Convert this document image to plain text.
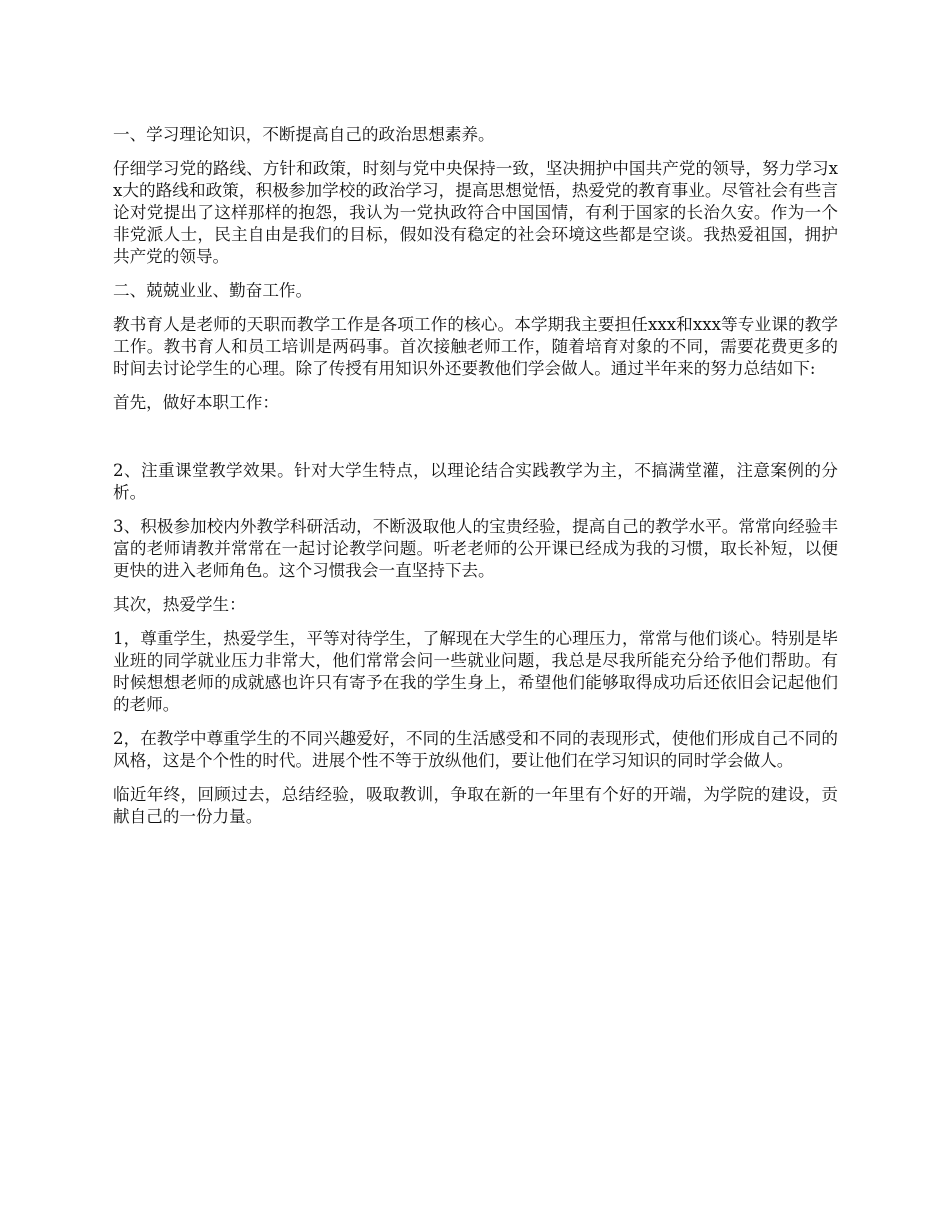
一、学习理论知识，不断提高自己的政治思想素养。

仔细学习党的路线、方针和政策，时刻与党中央保持一致，坚决拥护中国共产党的领导，努力学习xx大的路线和政策，积极参加学校的政治学习，提高思想觉悟，热爱党的教育事业。尽管社会有些言论对党提出了这样那样的抱怨，我认为一党执政符合中国国情，有利于国家的长治久安。作为一个非党派人士，民主自由是我们的目标，假如没有稳定的社会环境这些都是空谈。我热爱祖国，拥护共产党的领导。

二、兢兢业业、勤奋工作。

教书育人是老师的天职而教学工作是各项工作的核心。本学期我主要担任xxx和xxx等专业课的教学工作。教书育人和员工培训是两码事。首次接触老师工作，随着培育对象的不同，需要花费更多的时间去讨论学生的心理。除了传授有用知识外还要教他们学会做人。通过半年来的努力总结如下:

首先，做好本职工作：

2、注重课堂教学效果。针对大学生特点，以理论结合实践教学为主，不搞满堂灌，注意案例的分析。

3、积极参加校内外教学科研活动，不断汲取他人的宝贵经验，提高自己的教学水平。常常向经验丰富的老师请教并常常在一起讨论教学问题。听老老师的公开课已经成为我的习惯，取长补短，以便更快的进入老师角色。这个习惯我会一直坚持下去。

其次，热爱学生：

1，尊重学生，热爱学生，平等对待学生，了解现在大学生的心理压力，常常与他们谈心。特别是毕业班的同学就业压力非常大，他们常常会问一些就业问题，我总是尽我所能充分给予他们帮助。有时候想想老师的成就感也许只有寄予在我的学生身上，希望他们能够取得成功后还依旧会记起他们的老师。

2，在教学中尊重学生的不同兴趣爱好，不同的生活感受和不同的表现形式，使他们形成自己不同的风格，这是个个性的时代。进展个性不等于放纵他们，要让他们在学习知识的同时学会做人。

临近年终，回顾过去，总结经验，吸取教训，争取在新的一年里有个好的开端，为学院的建设，贡献自己的一份力量。
